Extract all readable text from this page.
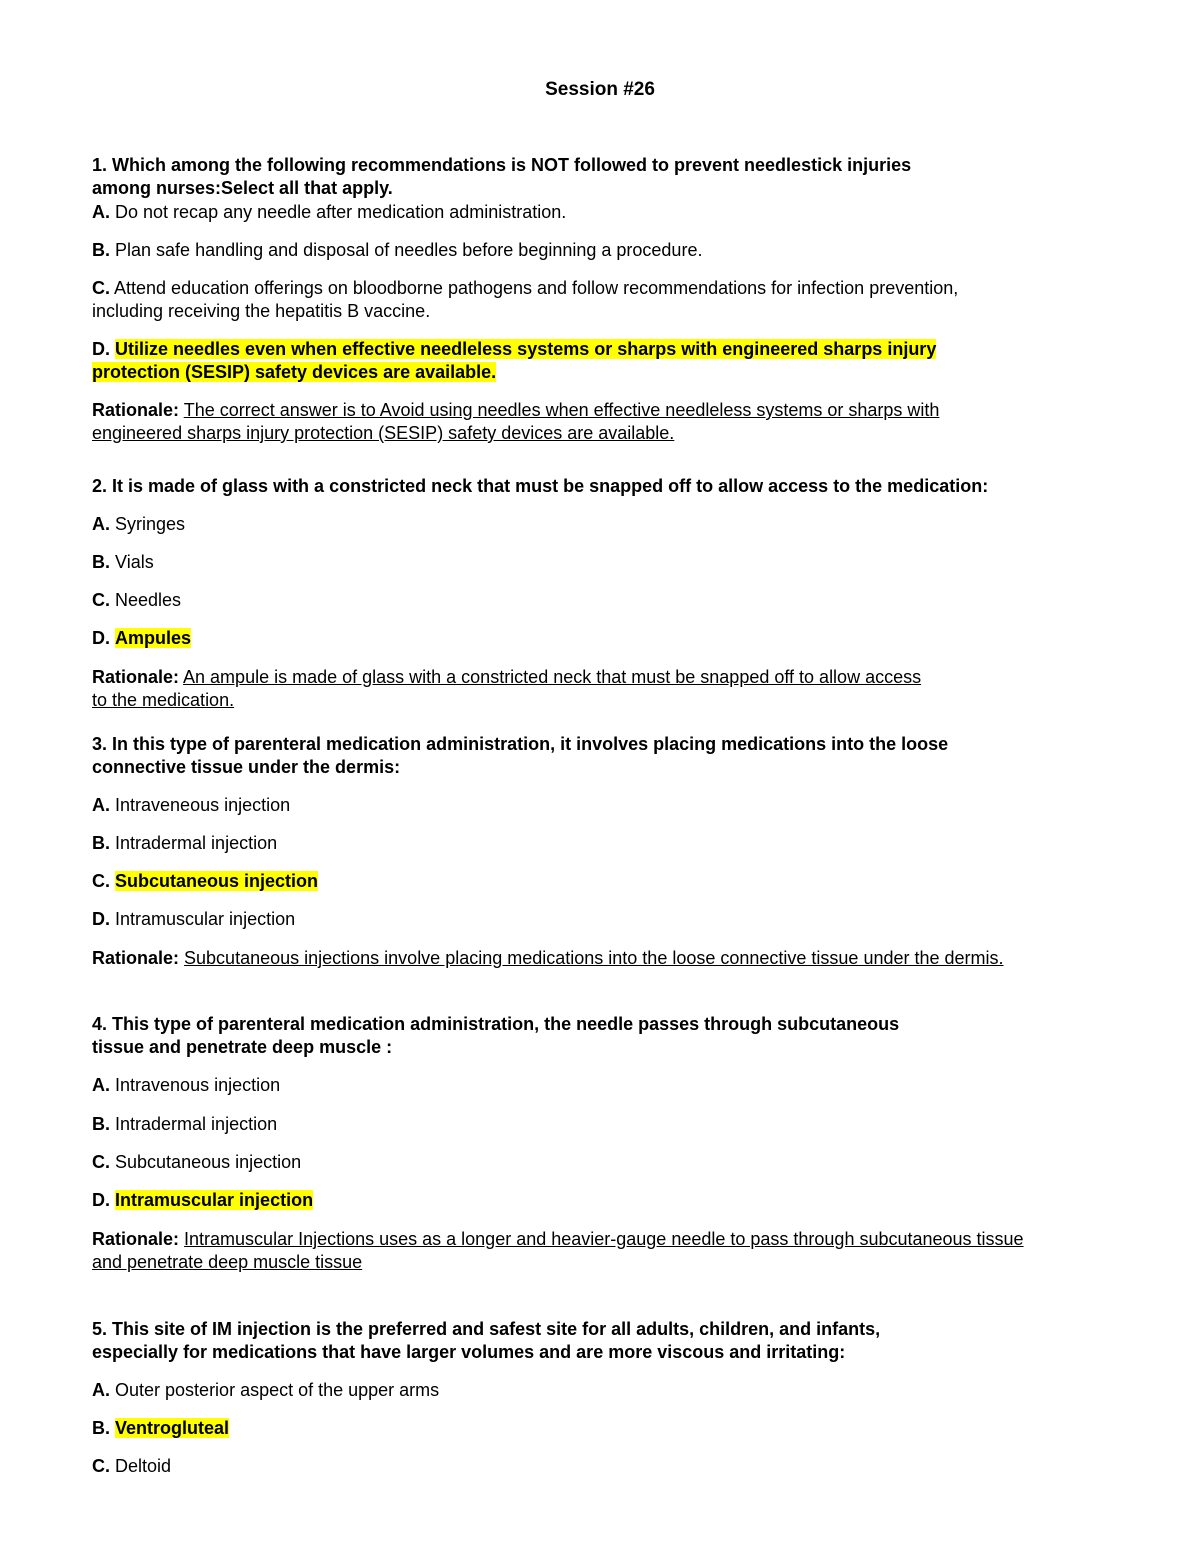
Session #26
1. Which among the following recommendations is NOT followed to prevent needlestick injuries
among nurses:Select all that apply.
A. Do not recap any needle after medication administration.
B. Plan safe handling and disposal of needles before beginning a procedure.
C. Attend education offerings on bloodborne pathogens and follow recommendations for infection prevention,
including receiving the hepatitis B vaccine.
D. Utilize needles even when effective needleless systems or sharps with engineered sharps injury
protection (SESIP) safety devices are available.
Rationale: The correct answer is to Avoid using needles when effective needleless systems or sharps with
engineered sharps injury protection (SESIP) safety devices are available.
2. It is made of glass with a constricted neck that must be snapped off to allow access to the medication:
A. Syringes
B. Vials
C. Needles
D. Ampules
Rationale: An ampule is made of glass with a constricted neck that must be snapped off to allow access
to the medication.
3. In this type of parenteral medication administration, it involves placing medications into the loose
connective tissue under the dermis:
A. Intraveneous injection
B. Intradermal injection
C. Subcutaneous injection
D. Intramuscular injection
Rationale: Subcutaneous injections involve placing medications into the loose connective tissue under the dermis.
4. This type of parenteral medication administration, the needle passes through subcutaneous
tissue and penetrate deep muscle :
A. Intravenous injection
B. Intradermal injection
C. Subcutaneous injection
D. Intramuscular injection
Rationale: Intramuscular Injections uses as a longer and heavier-gauge needle to pass through subcutaneous tissue
and penetrate deep muscle tissue
5. This site of IM injection is the preferred and safest site for all adults, children, and infants,
especially for medications that have larger volumes and are more viscous and irritating:
A. Outer posterior aspect of the upper arms
B. Ventrogluteal
C. Deltoid
